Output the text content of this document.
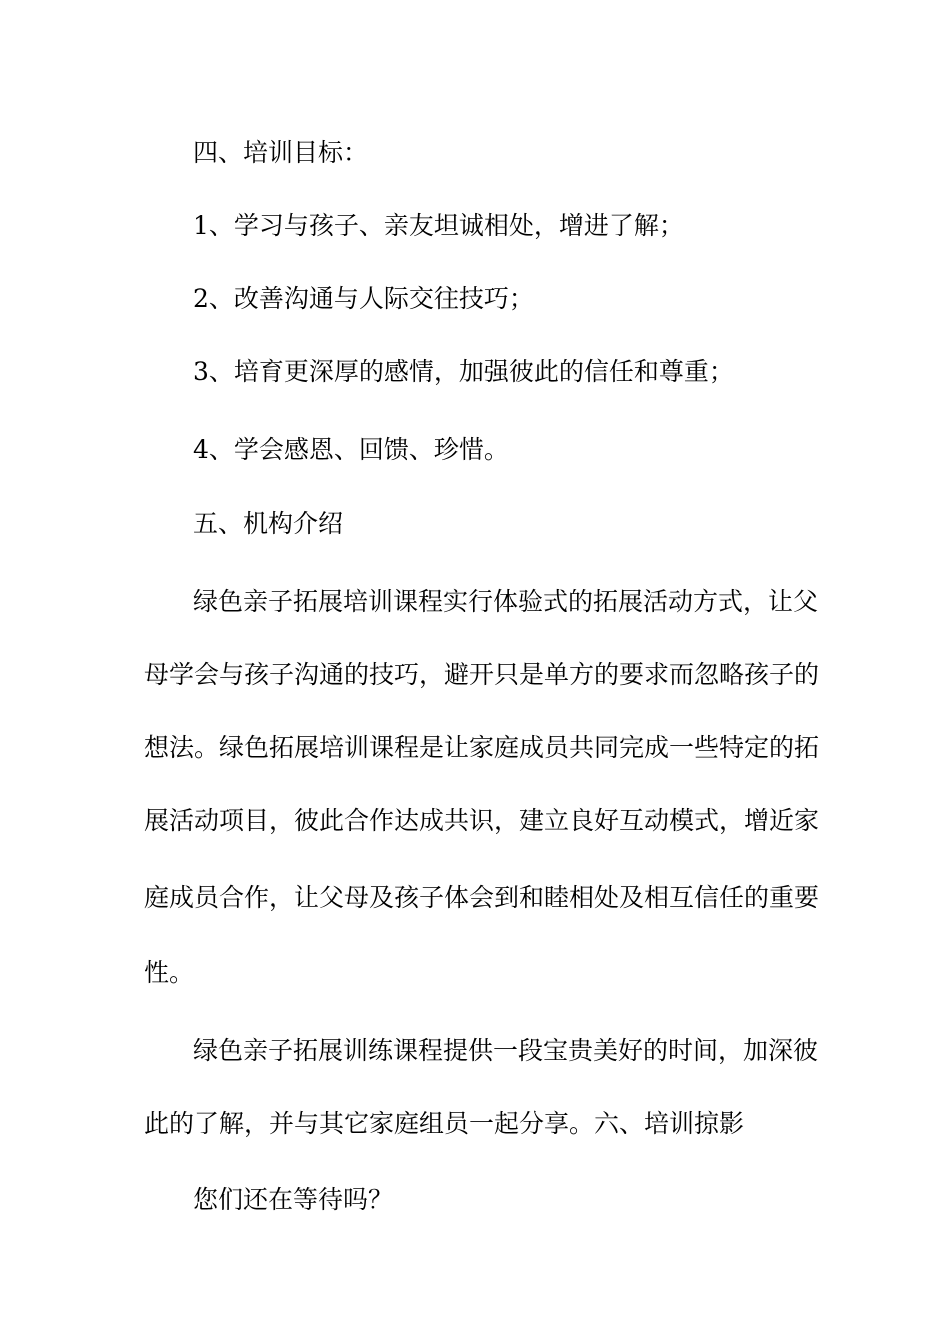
四、培训目标：

1、学习与孩子、亲友坦诚相处，增进了解；

2、改善沟通与人际交往技巧；

3、培育更深厚的感情，加强彼此的信任和尊重；

4、学会感恩、回馈、珍惜。

五、机构介绍

绿色亲子拓展培训课程实行体验式的拓展活动方式，让父

母学会与孩子沟通的技巧，避开只是单方的要求而忽略孩子的

想法。绿色拓展培训课程是让家庭成员共同完成一些特定的拓

展活动项目，彼此合作达成共识，建立良好互动模式，增近家

庭成员合作，让父母及孩子体会到和睦相处及相互信任的重要

性。

绿色亲子拓展训练课程提供一段宝贵美好的时间，加深彼

此的了解，并与其它家庭组员一起分享。六、培训掠影

您们还在等待吗？
